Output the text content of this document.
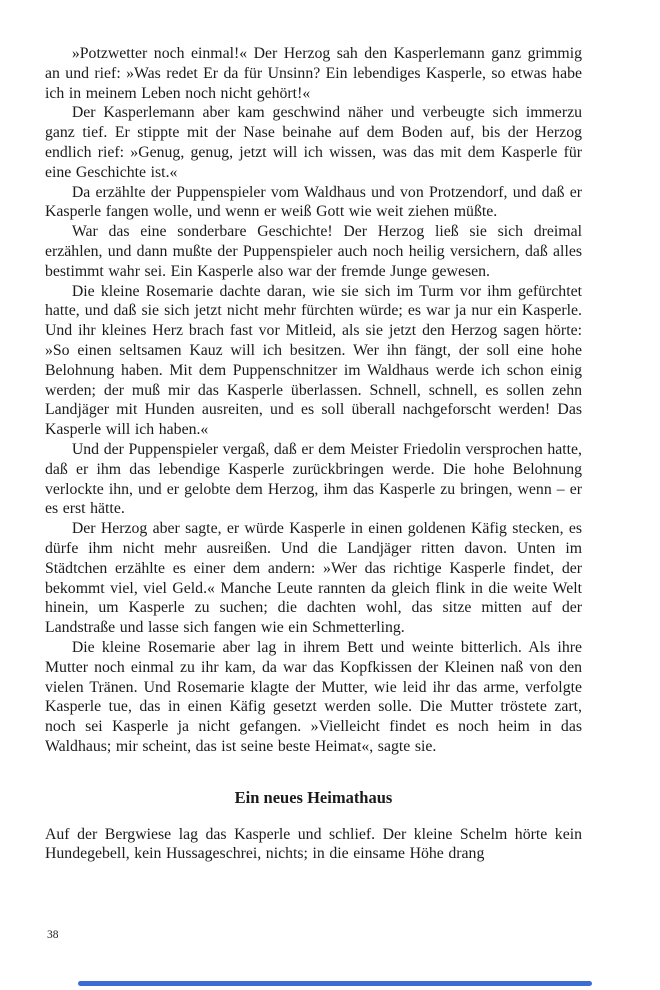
»Potzwetter noch einmal!« Der Herzog sah den Kasperlemann ganz grimmig an und rief: »Was redet Er da für Unsinn? Ein lebendiges Kasperle, so etwas habe ich in meinem Leben noch nicht gehört!«

Der Kasperlemann aber kam geschwind näher und verbeugte sich immerzu ganz tief. Er stippte mit der Nase beinahe auf dem Boden auf, bis der Herzog endlich rief: »Genug, genug, jetzt will ich wissen, was das mit dem Kasperle für eine Geschichte ist.«

Da erzählte der Puppenspieler vom Waldhaus und von Protzendorf, und daß er Kasperle fangen wolle, und wenn er weiß Gott wie weit ziehen müßte.

War das eine sonderbare Geschichte! Der Herzog ließ sie sich dreimal erzählen, und dann mußte der Puppenspieler auch noch heilig versichern, daß alles bestimmt wahr sei. Ein Kasperle also war der fremde Junge gewesen.

Die kleine Rosemarie dachte daran, wie sie sich im Turm vor ihm gefürchtet hatte, und daß sie sich jetzt nicht mehr fürchten würde; es war ja nur ein Kasperle. Und ihr kleines Herz brach fast vor Mitleid, als sie jetzt den Herzog sagen hörte: »So einen seltsamen Kauz will ich besitzen. Wer ihn fängt, der soll eine hohe Belohnung haben. Mit dem Puppenschnitzer im Waldhaus werde ich schon einig werden; der muß mir das Kasperle überlassen. Schnell, schnell, es sollen zehn Landjäger mit Hunden ausreiten, und es soll überall nachgeforscht werden! Das Kasperle will ich haben.«

Und der Puppenspieler vergaß, daß er dem Meister Friedolin versprochen hatte, daß er ihm das lebendige Kasperle zurückbringen werde. Die hohe Belohnung verlockte ihn, und er gelobte dem Herzog, ihm das Kasperle zu bringen, wenn – er es erst hätte.

Der Herzog aber sagte, er würde Kasperle in einen goldenen Käfig stecken, es dürfe ihm nicht mehr ausreißen. Und die Landjäger ritten davon. Unten im Städtchen erzählte es einer dem andern: »Wer das richtige Kasperle findet, der bekommt viel, viel Geld.« Manche Leute rannten da gleich flink in die weite Welt hinein, um Kasperle zu suchen; die dachten wohl, das sitze mitten auf der Landstraße und lasse sich fangen wie ein Schmetterling.

Die kleine Rosemarie aber lag in ihrem Bett und weinte bitterlich. Als ihre Mutter noch einmal zu ihr kam, da war das Kopfkissen der Kleinen naß von den vielen Tränen. Und Rosemarie klagte der Mutter, wie leid ihr das arme, verfolgte Kasperle tue, das in einen Käfig gesetzt werden solle. Die Mutter tröstete zart, noch sei Kasperle ja nicht gefangen. »Vielleicht findet es noch heim in das Waldhaus; mir scheint, das ist seine beste Heimat«, sagte sie.

Ein neues Heimathaus

Auf der Bergwiese lag das Kasperle und schlief. Der kleine Schelm hörte kein Hundegebell, kein Hussageschrei, nichts; in die einsame Höhe drang

38
